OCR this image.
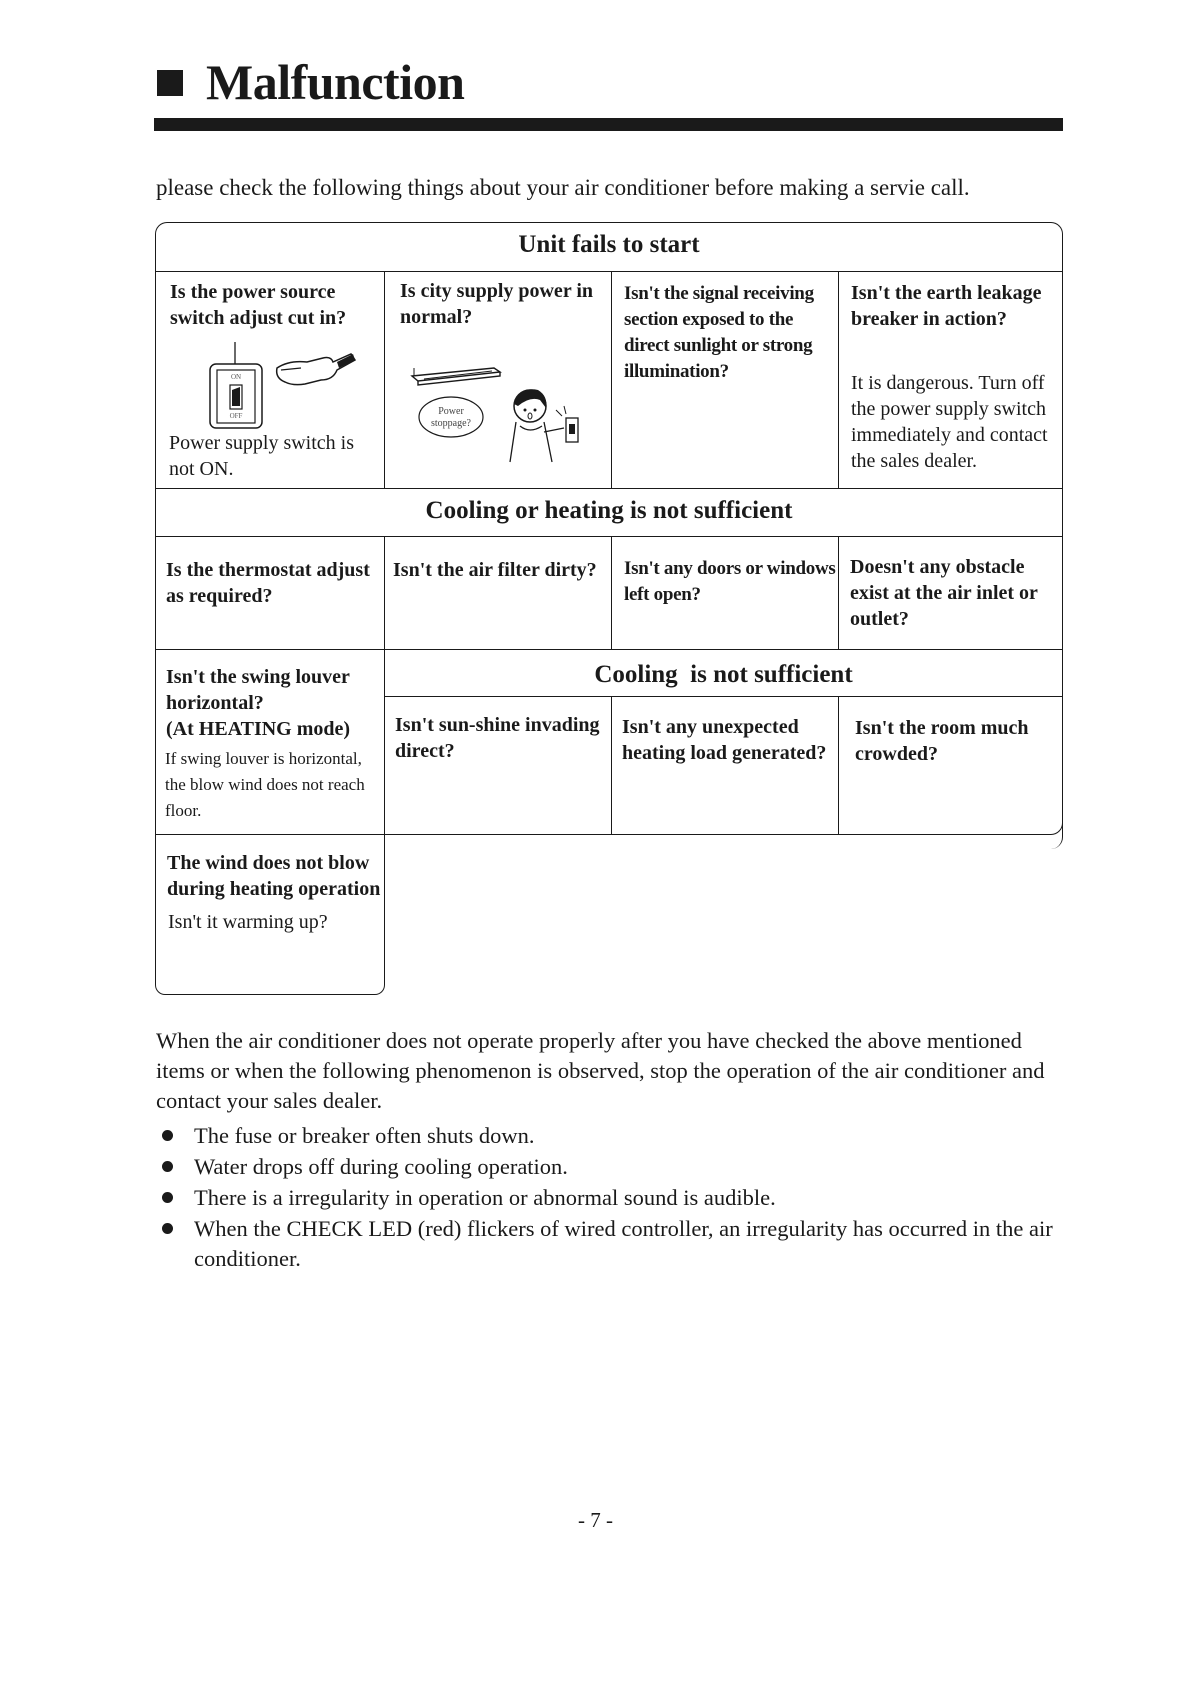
Malfunction
please check the following things about your air conditioner before making a servie call.
Unit fails to start
Is the power source switch adjust cut in?
ON
OFF
Power supply switch is not ON.
Is city supply power in normal?
Power
stoppage?
Isn't the signal receiving section exposed to the direct sunlight or strong illumination?
Isn't the earth leakage breaker in action?
It is dangerous. Turn off the power supply switch immediately and contact the sales dealer.
Cooling or heating is not sufficient
Is the thermostat adjust as required?
Isn't the air filter dirty?	Isn't any doors or windows left open?
Doesn't any obstacle exist at the air inlet or outlet?
Isn't the swing louver horizontal?
(At HEATING mode)
If swing louver is horizontal, the blow wind does not reach floor.
Cooling  is not sufficient
Isn't sun-shine invading direct?
Isn't any unexpected heating load generated?
Isn't the room much crowded?
The wind does not blow during heating operation
Isn't it warming up?
When the air conditioner does not operate properly after you have checked the above mentioned items or when the following phenomenon is observed, stop the operation of the air conditioner and contact your sales dealer.
The fuse or breaker often shuts down.
Water drops off during cooling operation.
There is a irregularity in operation or abnormal sound is audible.
When the CHECK LED (red) flickers of wired controller, an irregularity has occurred in the air conditioner.
- 7 -
